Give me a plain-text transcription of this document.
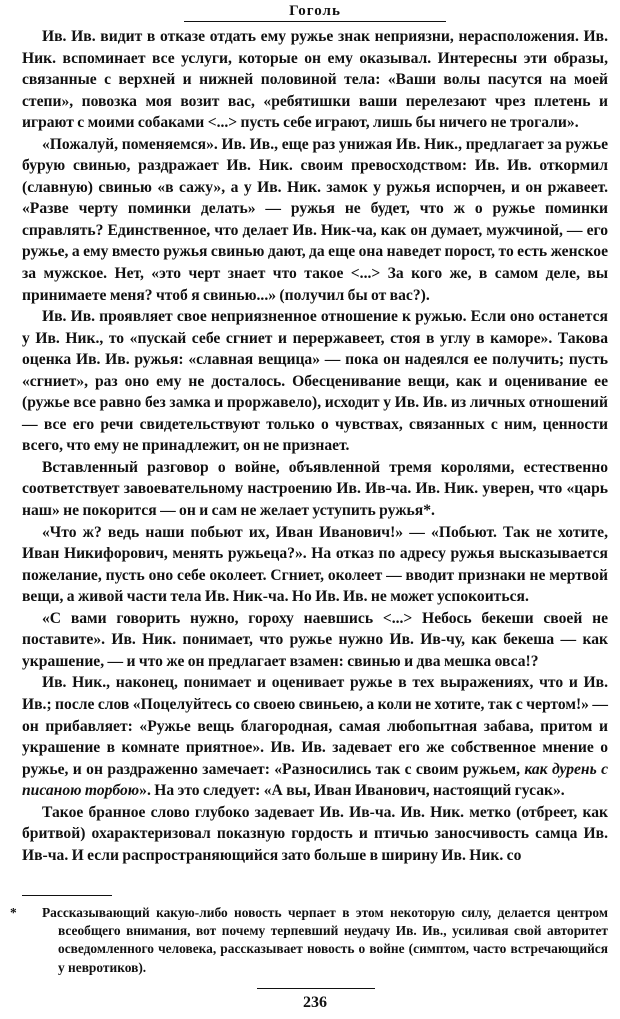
Гоголь

Ив. Ив. видит в отказе отдать ему ружье знак неприязни, нерасположения. Ив. Ник. вспоминает все услуги, которые он ему оказывал. Интересны эти образы, связанные с верхней и нижней половиной тела: «Ваши волы пасутся на моей степи», повозка моя возит вас, «ребятишки ваши перелезают чрез плетень и играют с моими собаками <...> пусть себе играют, лишь бы ничего не трогали».

«Пожалуй, поменяемся». Ив. Ив., еще раз унижая Ив. Ник., предлагает за ружье бурую свинью, раздражает Ив. Ник. своим превосходством: Ив. Ив. откормил (славную) свинью «в сажу», а у Ив. Ник. замок у ружья испорчен, и он ржавеет. «Разве черту поминки делать» — ружья не будет, что ж о ружье поминки справлять? Единственное, что делает Ив. Ник-ча, как он думает, мужчиной, — его ружье, а ему вместо ружья свинью дают, да еще она наведет порост, то есть женское за мужское. Нет, «это черт знает что такое <...> За кого же, в самом деле, вы принимаете меня? чтоб я свинью...» (получил бы от вас?).

Ив. Ив. проявляет свое неприязненное отношение к ружью. Если оно останется у Ив. Ник., то «пускай себе сгниет и перержавеет, стоя в углу в каморе». Такова оценка Ив. Ив. ружья: «славная вещица» — пока он надеялся ее получить; пусть «сгниет», раз оно ему не досталось. Обесценивание вещи, как и оценивание ее (ружье все равно без замка и проржавело), исходит у Ив. Ив. из личных отношений — все его речи свидетельствуют только о чувствах, связанных с ним, ценности всего, что ему не принадлежит, он не признает.

Вставленный разговор о войне, объявленной тремя королями, естественно соответствует завоевательному настроению Ив. Ив-ча. Ив. Ник. уверен, что «царь наш» не покорится — он и сам не желает уступить ружья*.

«Что ж? ведь наши побьют их, Иван Иванович!» — «Побьют. Так не хотите, Иван Никифорович, менять ружьеца?». На отказ по адресу ружья высказывается пожелание, пусть оно себе околеет. Сгниет, околеет — вводит признаки не мертвой вещи, а живой части тела Ив. Ник-ча. Но Ив. Ив. не может успокоиться.

«С вами говорить нужно, гороху наевшись <...> Небось бекеши своей не поставите». Ив. Ник. понимает, что ружье нужно Ив. Ив-чу, как бекеша — как украшение, — и что же он предлагает взамен: свинью и два мешка овса!?

Ив. Ник., наконец, понимает и оценивает ружье в тех выражениях, что и Ив. Ив.; после слов «Поцелуйтесь со своею свиньею, а коли не хотите, так с чертом!» — он прибавляет: «Ружье вещь благородная, самая любопытная забава, притом и украшение в комнате приятное». Ив. Ив. задевает его же собственное мнение о ружье, и он раздраженно замечает: «Разносились так с своим ружьем, как дурень с писаною торбою». На это следует: «А вы, Иван Иванович, настоящий гусак».

Такое бранное слово глубоко задевает Ив. Ив-ча. Ив. Ник. метко (отбреет, как бритвой) охарактеризовал показную гордость и птичью заносчивость самца Ив. Ив-ча. И если распространяющийся зато больше в ширину Ив. Ник. со

* Рассказывающий какую-либо новость черпает в этом некоторую силу, делается центром всеобщего внимания, вот почему терпевший неудачу Ив. Ив., усиливая свой авторитет осведомленного человека, рассказывает новость о войне (симптом, часто встречающийся у невротиков).
236
